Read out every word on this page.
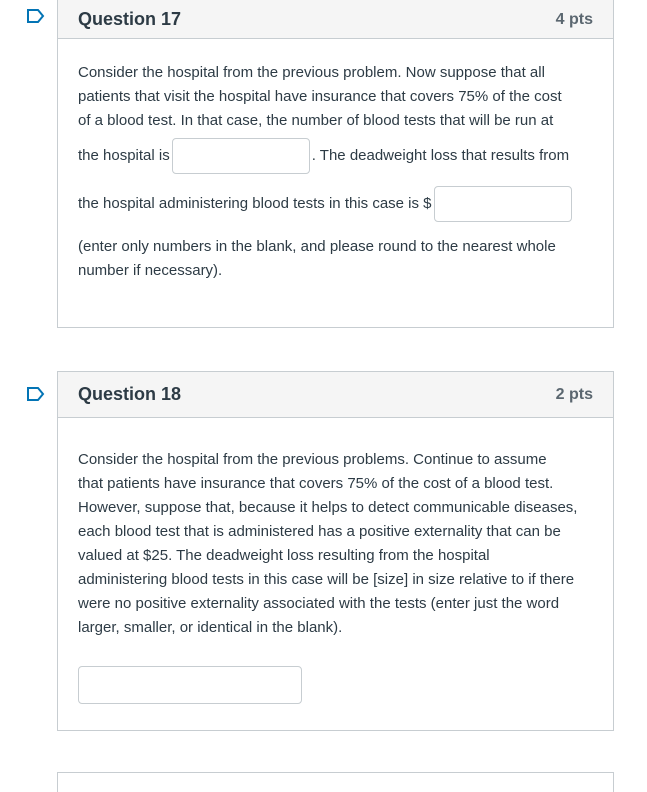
Question 17	4 pts
Consider the hospital from the previous problem. Now suppose that all
patients that visit the hospital have insurance that covers 75% of the cost
of a blood test. In that case, the number of blood tests that will be run at
the hospital is	. The deadweight loss that results from
the hospital administering blood tests in this case is $
(enter only numbers in the blank, and please round to the nearest whole
number if necessary).
Question 18	2 pts
Consider the hospital from the previous problems. Continue to assume
that patients have insurance that covers 75% of the cost of a blood test.
However, suppose that, because it helps to detect communicable diseases,
each blood test that is administered has a positive externality that can be
valued at $25. The deadweight loss resulting from the hospital
administering blood tests in this case will be [size] in size relative to if there
were no positive externality associated with the tests (enter just the word
larger, smaller, or identical in the blank).
